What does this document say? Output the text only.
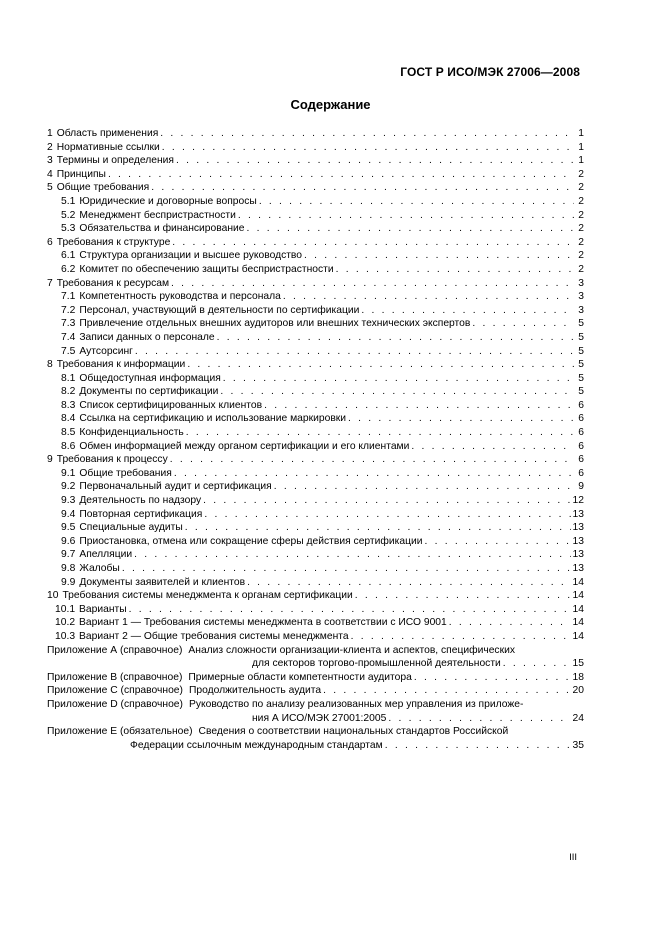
ГОСТ Р ИСО/МЭК 27006—2008
Содержание
1 Область применения . . .	1
2 Нормативные ссылки . . .	1
3 Термины и определения . . .	1
4 Принципы . . .	2
5 Общие требования . . .	2
5.1 Юридические и договорные вопросы . . .	2
5.2 Менеджмент беспристрастности . . .	2
5.3 Обязательства и финансирование . . .	2
6 Требования к структуре . . .	2
6.1 Структура организации и высшее руководство . . .	2
6.2 Комитет по обеспечению защиты беспристрастности . . .	2
7 Требования к ресурсам . . .	3
7.1 Компетентность руководства и персонала . . .	3
7.2 Персонал, участвующий в деятельности по сертификации . . .	3
7.3 Привлечение отдельных внешних аудиторов или внешних технических экспертов . . .	5
7.4 Записи данных о персонале . . .	5
7.5 Аутсорсинг . . .	5
8 Требования к информации . . .	5
8.1 Общедоступная информация . . .	5
8.2 Документы по сертификации . . .	5
8.3 Список сертифицированных клиентов . . .	6
8.4 Ссылка на сертификацию и использование маркировки . . .	6
8.5 Конфиденциальность . . .	6
8.6 Обмен информацией между органом сертификации и его клиентами . . .	6
9 Требования к процессу . . .	6
9.1 Общие требования . . .	6
9.2 Первоначальный аудит и сертификация . . .	9
9.3 Деятельность по надзору . . .	12
9.4 Повторная сертификация . . .	13
9.5 Специальные аудиты . . .	13
9.6 Приостановка, отмена или сокращение сферы действия сертификации . . .	13
9.7 Апелляции . . .	13
9.8 Жалобы . . .	13
9.9 Документы заявителей и клиентов . . .	14
10 Требования системы менеджмента к органам сертификации . . .	14
10.1 Варианты . . .	14
10.2 Вариант 1 — Требования системы менеджмента в соответствии с ИСО 9001 . . .	14
10.3 Вариант 2 — Общие требования системы менеджмента . . .	14
Приложение А (справочное) Анализ сложности организации-клиента и аспектов, специфических
для секторов торгово-промышленной деятельности . . .	15
Приложение В (справочное) Примерные области компетентности аудитора . . .	18
Приложение С (справочное) Продолжительность аудита . . .	20
Приложение D (справочное) Руководство по анализу реализованных мер управления из приложе-
ния А ИСО/МЭК 27001:2005 . . .	24
Приложение Е (обязательное) Сведения о соответствии национальных стандартов Российской
Федерации ссылочным международным стандартам . . .	35
III
